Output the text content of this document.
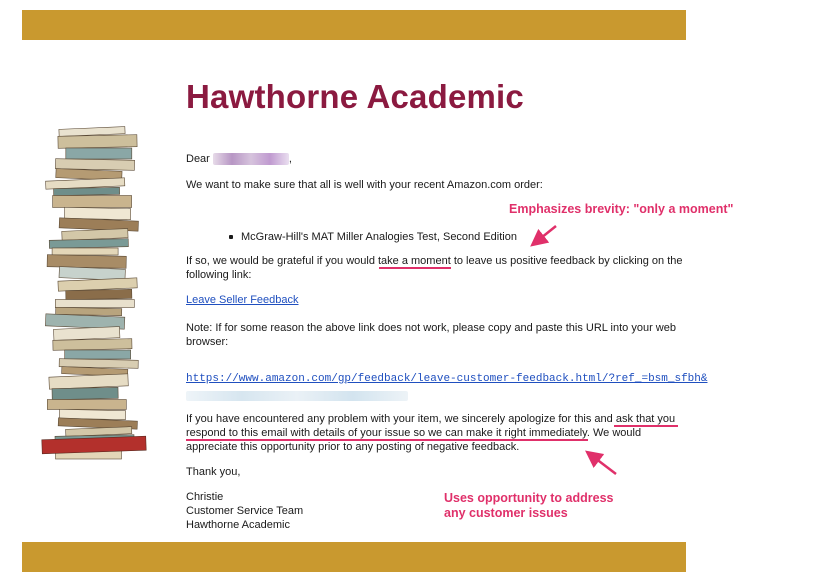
Hawthorne Academic
Dear	,
We want to make sure that all is well with your recent Amazon.com order:
McGraw-Hill's MAT Miller Analogies Test, Second Edition
If so, we would be grateful if you would take a moment to leave us positive feedback by clicking on the
following link:
Leave Seller Feedback
Note: If for some reason the above link does not work, please copy and paste this URL into your web
browser:
https://www.amazon.com/gp/feedback/leave-customer-feedback.html/?ref_=bsm_sfbh&
If you have encountered any problem with your item, we sincerely apologize for this and ask that you
respond to this email with details of your issue so we can make it right immediately. We would
appreciate this opportunity prior to any posting of negative feedback.
Thank you,
Christie
Customer Service Team
Hawthorne Academic
Emphasizes brevity: "only a moment"
Uses opportunity to address
any customer issues
